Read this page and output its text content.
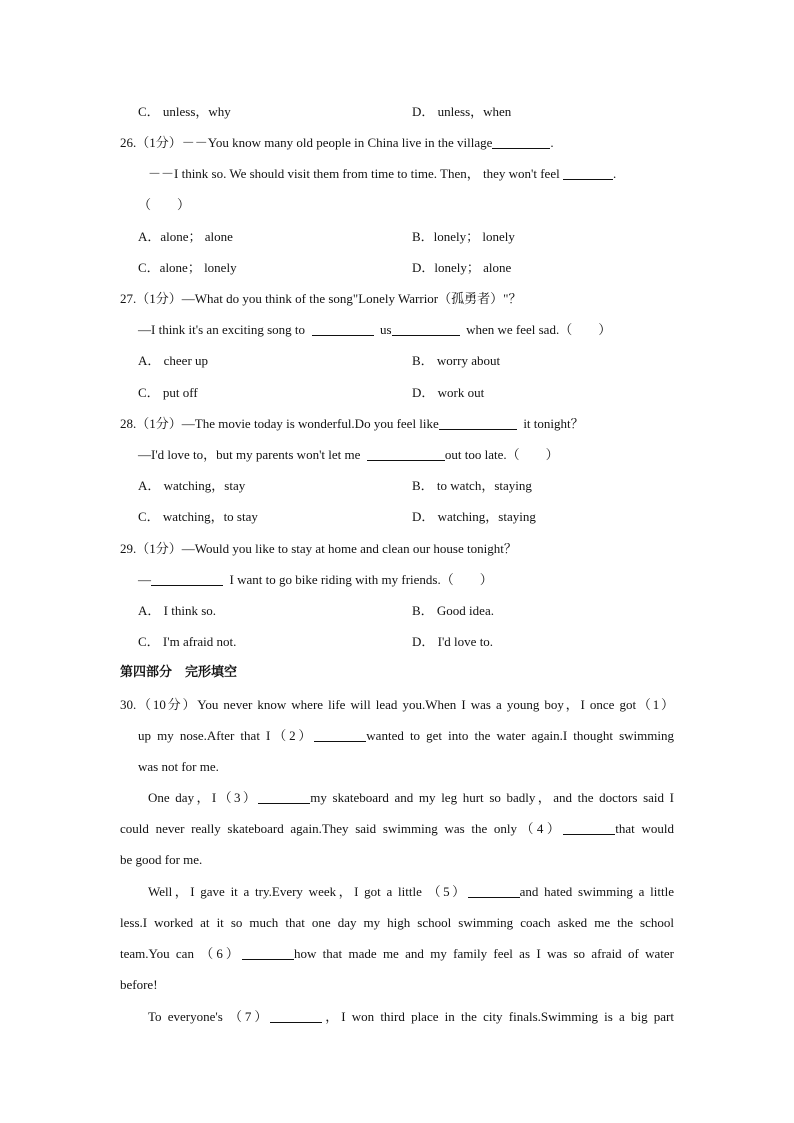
C． unless，why	D． unless，when
26.（1分）－－You know many old people in China live in the village	.
－－I think so. We should visit them from time to time. Then， they won't feel	.
（　　）
A．alone； alone	B．lonely； lonely
C．alone； lonely	D．lonely； alone
27.（1分）—What do you think of the song"Lonely Warrior（孤勇者）"？
—I think it's an exciting song to	us	when we feel sad.（　　）
A． cheer up	B． worry about
C． put off	D． work out
28.（1分）—The movie today is wonderful.Do you feel like	it tonight？
—I'd love to，but my parents won't let me	out too late.（　　）
A． watching，stay	B． to watch，staying
C． watching，to stay	D． watching，staying
29.（1分）—Would you like to stay at home and clean our house tonight？
—	I want to go bike riding with my friends.（　　）
A． I think so.	B． Good idea.
C． I'm afraid not.	D． I'd love to.
第四部分　完形填空
30.（10分）You never know where life will lead you.When I was a young boy，I once got（1）
up my nose.After that I（2）	wanted to get into the water again.I thought swimming
was not for me.
One day，I（3）	my skateboard and my leg hurt so badly，and the doctors said I
could never really skateboard again.They said swimming was the only（4）	that would
be good for me.
Well，I gave it a try.Every week，I got a little （5）	and hated swimming a little
less.I worked at it so much that one day my high school swimming coach asked me the school
team.You can （6）	how that made me and my family feel as I was so afraid of water
before!
To everyone's （7）	，I won third place in the city finals.Swimming is a big part
